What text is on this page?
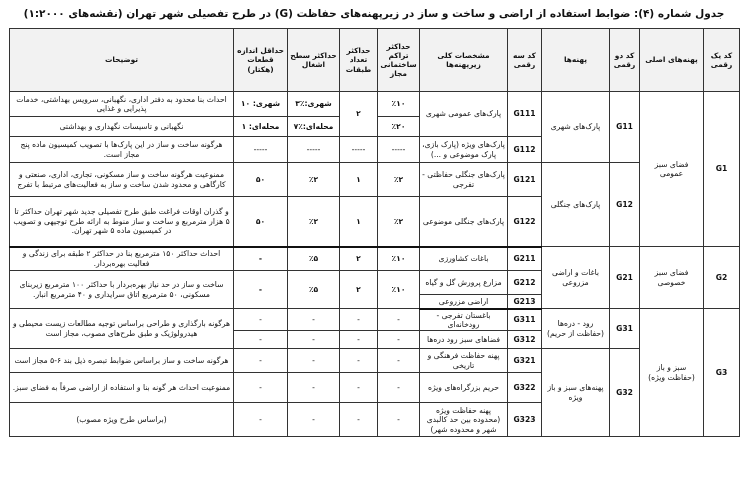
جدول شماره (۴): ضوابط استفاده از اراضی و ساخت و ساز در زیرپهنه‌های حفاظت (G) در طرح تفصیلی شهر تهران (نقشه‌های ۱:۲۰۰۰)
کد یک رقمی	پهنه‌های اصلی	کد دو رقمی	پهنه‌ها	کد سه رقمی	مشخصات کلی زیرپهنه‌ها	حداکثر تراکم ساختمانی مجاز	حداکثر تعداد طبقات	حداکثر سطح اشغال	حداقل اندازه قطعات (هکتار)	توضیحات
G1	فضای سبز عمومی	G11	پارک‌های شهری	G111	پارک‌های عمومی شهری	٪۱۰	۲	شهری:٪۳	شهری: ۱۰	احداث بنا محدود به دفتر اداری، نگهبانی، سرویس بهداشتی، خدمات پذیرایی و غذایی
						٪۲۰		محله‌ای:٪۷	محله‌ای: ۱	نگهبانی و تاسیسات نگهداری و بهداشتی
				G112	پارک‌های ویژه (پارک بازی، پارک موضوعی و ...)	-----	-----	-----	-----	هرگونه ساخت و ساز در این پارک‌ها با تصویب کمیسیون ماده پنج مجاز است.
		G12	پارک‌های جنگلی	G121	پارک‌های جنگلی حفاظتی - تفرجی	٪۲	۱	٪۲	۵۰	ممنوعیت هرگونه ساخت و ساز مسکونی، تجاری، اداری، صنعتی و کارگاهی و محدود شدن ساخت و ساز به فعالیت‌های مرتبط با تفرج
				G122	پارک‌های جنگلی موضوعی	٪۲	۱	٪۲	۵۰	و گذران اوقات فراغت طبق طرح تفصیلی جدید شهر تهران حداکثر تا ۵ هزار مترمربع و ساخت و ساز منوط به ارائه طرح توجیهی و تصویب در کمیسیون ماده ۵ شهر تهران.

G2	فضای سبز خصوصی	G21	باغات و اراضی مزروعی	G211	باغات کشاورزی	٪۱۰	۲	٪۵	-	احداث حداکثر ۱۵۰ مترمربع بنا در حداکثر ۲ طبقه برای زندگی و فعالیت بهره‌بردار.
				G212	مزارع پرورش گل و گیاه	٪۱۰	۲	٪۵	-	ساخت و ساز در حد نیاز بهره‌بردار با حداکثر ۱۰۰ مترمربع زیربنای مسکونی، ۵۰ مترمربع اتاق سرایداری و ۴۰ مترمربع انبار.
				G213	اراضی مزروعی					
G3	سبز و باز (حفاظت ویژه)	G31	رود - دره‌ها (حفاظت از حریم)	G311	باغستان تفرجی - رودخانه‌ای	-	-	-	-	هرگونه بارگذاری و طراحی براساس توجیه مطالعات زیست محیطی و هیدرولوژیک و طبق طرح‌های مصوب، مجاز است
				G312	فضاهای سبز رود دره‌ها	-	-	-	-	
		G32	پهنه‌های سبز و باز ویژه	G321	پهنه حفاظت فرهنگی و تاریخی	-	-	-	-	هرگونه ساخت و ساز براساس ضوابط تبصره ذیل بند ۶-۵ مجاز است
				G322	حریم بزرگراه‌های ویژه	-	-	-	-	ممنوعیت احداث هر گونه بنا و استفاده از اراضی صرفاً به فضای سبز.
				G323	پهنه حفاظت ویژه (محدوده بین حد کالبدی شهر و محدوده شهر)	-	-	-	-	(براساس طرح ویژه مصوب)
